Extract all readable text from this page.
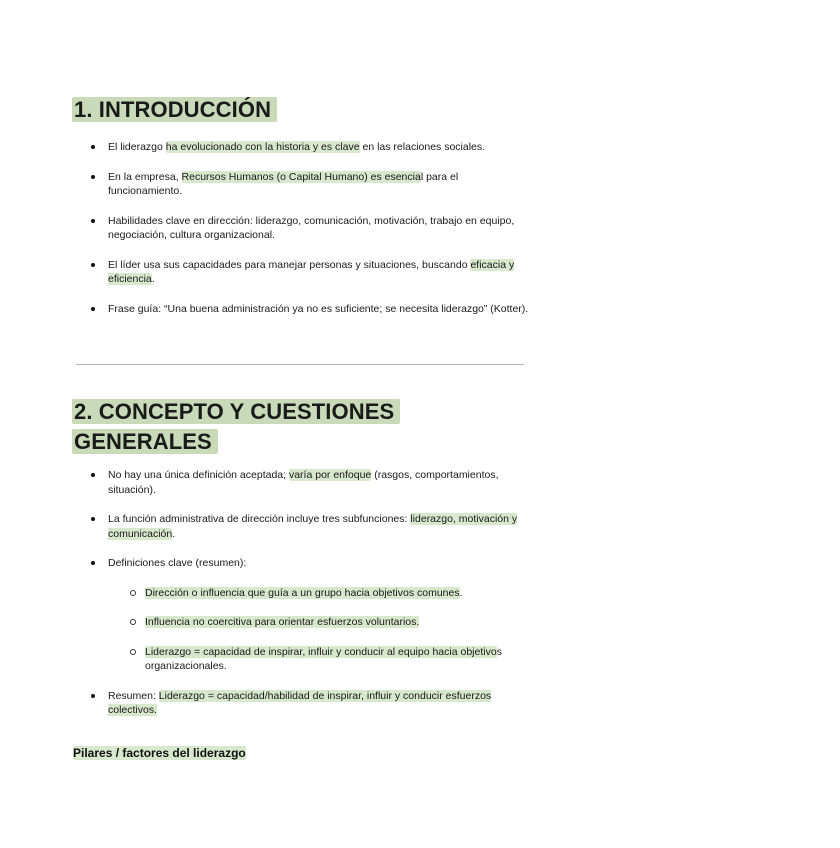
1. INTRODUCCIÓN
El liderazgo ha evolucionado con la historia y es clave en las relaciones sociales.
En la empresa, Recursos Humanos (o Capital Humano) es esencial para el funcionamiento.
Habilidades clave en dirección: liderazgo, comunicación, motivación, trabajo en equipo, negociación, cultura organizacional.
El líder usa sus capacidades para manejar personas y situaciones, buscando eficacia y eficiencia.
Frase guía: “Una buena administración ya no es suficiente; se necesita liderazgo” (Kotter).
2. CONCEPTO Y CUESTIONES
GENERALES
No hay una única definición aceptada; varía por enfoque (rasgos, comportamientos, situación).
La función administrativa de dirección incluye tres subfunciones: liderazgo, motivación y comunicación.
Definiciones clave (resumen):
Dirección o influencia que guía a un grupo hacia objetivos comunes.
Influencia no coercitiva para orientar esfuerzos voluntarios.
Liderazgo = capacidad de inspirar, influir y conducir al equipo hacia objetivos organizacionales.
Resumen: Liderazgo = capacidad/habilidad de inspirar, influir y conducir esfuerzos colectivos.
Pilares / factores del liderazgo
